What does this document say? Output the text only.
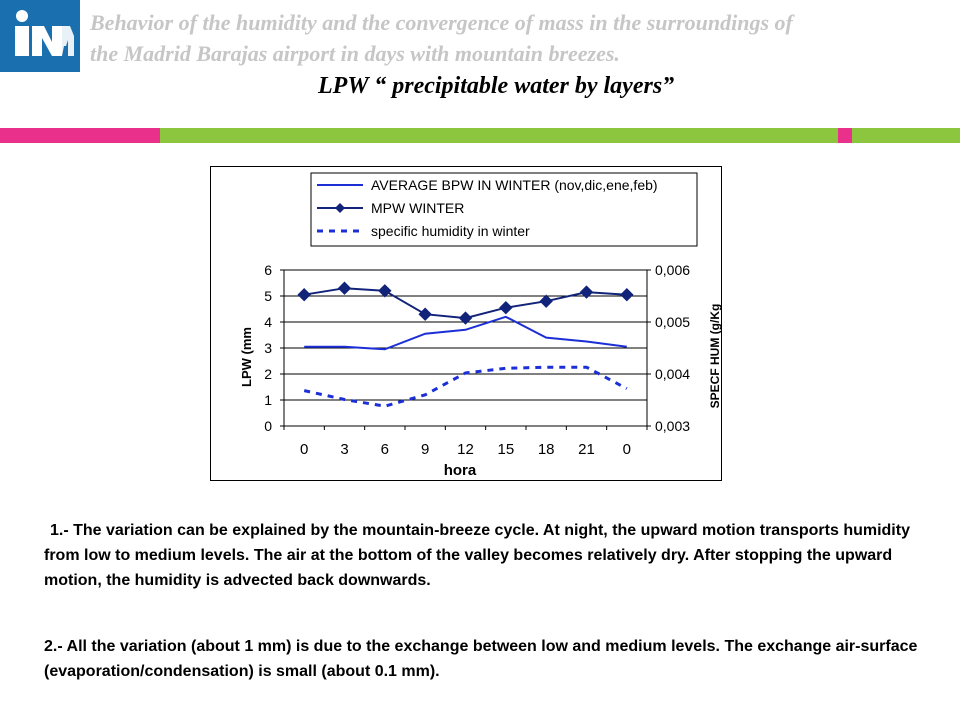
Behavior of the humidity and the convergence of mass in the surroundings of
the Madrid Barajas airport in days with mountain breezes.
LPW “ precipitable water by layers”
AVERAGE BPW IN WINTER (nov,dic,ene,feb)
MPW WINTER
specific humidity in winter
0
1
2
3
4
5
6
0,003
0,004
0,005
0,006
0 3 6 9 12 15 18 21 0
hora
LPW (mm	SPECF HUM (g/Kg
1.- The variation can be explained by the mountain-breeze cycle. At night, the upward motion transports humidity from low to medium levels. The air at the bottom of the valley becomes relatively dry. After stopping the upward motion, the humidity is advected back downwards.
2.- All the variation (about 1 mm) is due to the exchange between low and medium levels. The exchange air-surface (evaporation/condensation) is small (about 0.1 mm).
